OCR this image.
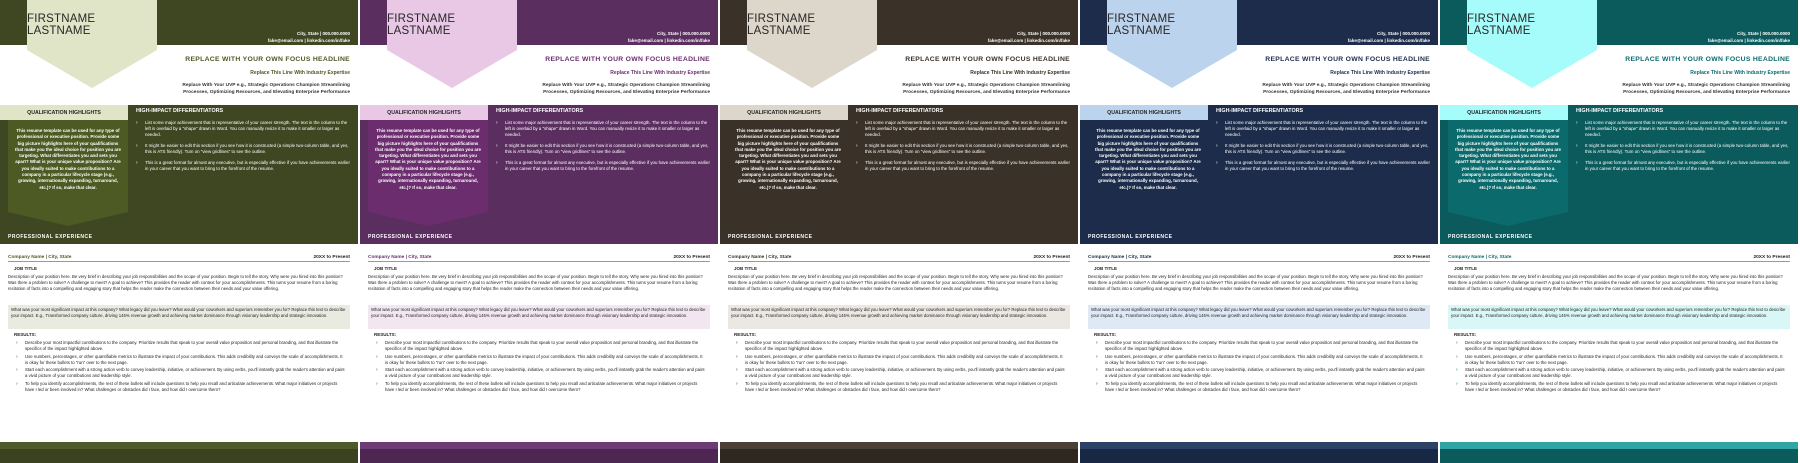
FIRSTNAME LASTNAME	City, State | 000.000.0000
fake@email.com | linkedin.com/in/fake
REPLACE WITH YOUR OWN FOCUS HEADLINE
Replace This Line With Industry Expertise
Replace With Your UVP e.g., Strategic Operations Champion Streamlining
Processes, Optimizing Resources, and Elevating Enterprise Performance
QUALIFICATION HIGHLIGHTS
This resume template can be used for any type of professional or executive position. Provide some big picture highlights here of your qualifications that make you the ideal choice for position you are targeting. What differentiates you and sets you apart? What is your unique value proposition? Are you ideally suited to make contributions to a company in a particular lifecycle stage (e.g., growing, internationally expanding, turnaround, etc.)? If so, make that clear.
HIGH-IMPACT DIFFERENTIATORS
› List some major achievement that is representative of your career strength. The text in the column to the left is overlaid by a "shape" drawn in Word. You can manually resize it to make it smaller or larger as needed.
› It might be easier to edit this section if you see how it is constructed (a simple two-column table, and yes, this is ATS friendly). Turn on "view gridlines" to see the outline.
› This is a great format for almost any executive, but is especially effective if you have achievements earlier in your career that you want to bring to the forefront of the resume.
PROFESSIONAL EXPERIENCE
Company Name | City, State	20XX to Present
JOB TITLE
Description of your position here. Be very brief in describing your job responsibilities and the scope of your position. Begin to tell the story. Why were you hired into this position? Was there a problem to solve? A challenge to meet? A goal to achieve? This provides the reader with context for your accomplishments. This turns your resume from a boring recitation of facts into a compelling and engaging story that helps the reader make the connection between their needs and your value offering.
What was your most significant impact at this company? What legacy did you leave? What would your coworkers and superiors remember you for? Replace this text to describe your impact. E.g., Transformed company culture, driving 145% revenue growth and achieving market dominance through visionary leadership and strategic innovation.
RESULTS:
› Describe your most impactful contributions to the company. Prioritize results that speak to your overall value proposition and personal branding, and that illustrate the specifics of the impact highlighted above.
› Use numbers, percentages, or other quantifiable metrics to illustrate the impact of your contributions. This adds credibility and conveys the scale of accomplishments. It is okay for these bullets to "run" over to the next page.
› Start each accomplishment with a strong action verb to convey leadership, initiative, or achievement. By using verbs, you'll instantly grab the reader's attention and paint a vivid picture of your contributions and leadership style.
› To help you identify accomplishments, the rest of these bullets will include questions to help you recall and articulate achievements. What major initiatives or projects have I led or been involved in? What challenges or obstacles did I face, and how did I overcome them?
FIRSTNAME LASTNAME	City, State | 000.000.0000
fake@email.com | linkedin.com/in/fake
REPLACE WITH YOUR OWN FOCUS HEADLINE
Replace This Line With Industry Expertise
Replace With Your UVP e.g., Strategic Operations Champion Streamlining
Processes, Optimizing Resources, and Elevating Enterprise Performance
QUALIFICATION HIGHLIGHTS
This resume template can be used for any type of professional or executive position. Provide some big picture highlights here of your qualifications that make you the ideal choice for position you are targeting. What differentiates you and sets you apart? What is your unique value proposition? Are you ideally suited to make contributions to a company in a particular lifecycle stage (e.g., growing, internationally expanding, turnaround, etc.)? If so, make that clear.
HIGH-IMPACT DIFFERENTIATORS
› List some major achievement that is representative of your career strength. The text in the column to the left is overlaid by a "shape" drawn in Word. You can manually resize it to make it smaller or larger as needed.
› It might be easier to edit this section if you see how it is constructed (a simple two-column table, and yes, this is ATS friendly). Turn on "view gridlines" to see the outline.
› This is a great format for almost any executive, but is especially effective if you have achievements earlier in your career that you want to bring to the forefront of the resume.
PROFESSIONAL EXPERIENCE
Company Name | City, State	20XX to Present
JOB TITLE
Description of your position here. Be very brief in describing your job responsibilities and the scope of your position. Begin to tell the story. Why were you hired into this position? Was there a problem to solve? A challenge to meet? A goal to achieve? This provides the reader with context for your accomplishments. This turns your resume from a boring recitation of facts into a compelling and engaging story that helps the reader make the connection between their needs and your value offering.
What was your most significant impact at this company? What legacy did you leave? What would your coworkers and superiors remember you for? Replace this text to describe your impact. E.g., Transformed company culture, driving 145% revenue growth and achieving market dominance through visionary leadership and strategic innovation.
RESULTS:
› Describe your most impactful contributions to the company. Prioritize results that speak to your overall value proposition and personal branding, and that illustrate the specifics of the impact highlighted above.
› Use numbers, percentages, or other quantifiable metrics to illustrate the impact of your contributions. This adds credibility and conveys the scale of accomplishments. It is okay for these bullets to "run" over to the next page.
› Start each accomplishment with a strong action verb to convey leadership, initiative, or achievement. By using verbs, you'll instantly grab the reader's attention and paint a vivid picture of your contributions and leadership style.
› To help you identify accomplishments, the rest of these bullets will include questions to help you recall and articulate achievements. What major initiatives or projects have I led or been involved in? What challenges or obstacles did I face, and how did I overcome them?
FIRSTNAME LASTNAME	City, State | 000.000.0000
fake@email.com | linkedin.com/in/fake
REPLACE WITH YOUR OWN FOCUS HEADLINE
Replace This Line With Industry Expertise
Replace With Your UVP e.g., Strategic Operations Champion Streamlining
Processes, Optimizing Resources, and Elevating Enterprise Performance
QUALIFICATION HIGHLIGHTS
This resume template can be used for any type of professional or executive position. Provide some big picture highlights here of your qualifications that make you the ideal choice for position you are targeting. What differentiates you and sets you apart? What is your unique value proposition? Are you ideally suited to make contributions to a company in a particular lifecycle stage (e.g., growing, internationally expanding, turnaround, etc.)? If so, make that clear.
HIGH-IMPACT DIFFERENTIATORS
› List some major achievement that is representative of your career strength. The text in the column to the left is overlaid by a "shape" drawn in Word. You can manually resize it to make it smaller or larger as needed.
› It might be easier to edit this section if you see how it is constructed (a simple two-column table, and yes, this is ATS friendly). Turn on "view gridlines" to see the outline.
› This is a great format for almost any executive, but is especially effective if you have achievements earlier in your career that you want to bring to the forefront of the resume.
PROFESSIONAL EXPERIENCE
Company Name | City, State	20XX to Present
JOB TITLE
Description of your position here. Be very brief in describing your job responsibilities and the scope of your position. Begin to tell the story. Why were you hired into this position? Was there a problem to solve? A challenge to meet? A goal to achieve? This provides the reader with context for your accomplishments. This turns your resume from a boring recitation of facts into a compelling and engaging story that helps the reader make the connection between their needs and your value offering.
What was your most significant impact at this company? What legacy did you leave? What would your coworkers and superiors remember you for? Replace this text to describe your impact. E.g., Transformed company culture, driving 145% revenue growth and achieving market dominance through visionary leadership and strategic innovation.
RESULTS:
› Describe your most impactful contributions to the company. Prioritize results that speak to your overall value proposition and personal branding, and that illustrate the specifics of the impact highlighted above.
› Use numbers, percentages, or other quantifiable metrics to illustrate the impact of your contributions. This adds credibility and conveys the scale of accomplishments. It is okay for these bullets to "run" over to the next page.
› Start each accomplishment with a strong action verb to convey leadership, initiative, or achievement. By using verbs, you'll instantly grab the reader's attention and paint a vivid picture of your contributions and leadership style.
› To help you identify accomplishments, the rest of these bullets will include questions to help you recall and articulate achievements. What major initiatives or projects have I led or been involved in? What challenges or obstacles did I face, and how did I overcome them?
FIRSTNAME LASTNAME	City, State | 000.000.0000
fake@email.com | linkedin.com/in/fake
REPLACE WITH YOUR OWN FOCUS HEADLINE
Replace This Line With Industry Expertise
Replace With Your UVP e.g., Strategic Operations Champion Streamlining
Processes, Optimizing Resources, and Elevating Enterprise Performance
QUALIFICATION HIGHLIGHTS
This resume template can be used for any type of professional or executive position. Provide some big picture highlights here of your qualifications that make you the ideal choice for position you are targeting. What differentiates you and sets you apart? What is your unique value proposition? Are you ideally suited to make contributions to a company in a particular lifecycle stage (e.g., growing, internationally expanding, turnaround, etc.)? If so, make that clear.
HIGH-IMPACT DIFFERENTIATORS
› List some major achievement that is representative of your career strength. The text in the column to the left is overlaid by a "shape" drawn in Word. You can manually resize it to make it smaller or larger as needed.
› It might be easier to edit this section if you see how it is constructed (a simple two-column table, and yes, this is ATS friendly). Turn on "view gridlines" to see the outline.
› This is a great format for almost any executive, but is especially effective if you have achievements earlier in your career that you want to bring to the forefront of the resume.
PROFESSIONAL EXPERIENCE
Company Name | City, State	20XX to Present
JOB TITLE
Description of your position here. Be very brief in describing your job responsibilities and the scope of your position. Begin to tell the story. Why were you hired into this position? Was there a problem to solve? A challenge to meet? A goal to achieve? This provides the reader with context for your accomplishments. This turns your resume from a boring recitation of facts into a compelling and engaging story that helps the reader make the connection between their needs and your value offering.
What was your most significant impact at this company? What legacy did you leave? What would your coworkers and superiors remember you for? Replace this text to describe your impact. E.g., Transformed company culture, driving 145% revenue growth and achieving market dominance through visionary leadership and strategic innovation.
RESULTS:
› Describe your most impactful contributions to the company. Prioritize results that speak to your overall value proposition and personal branding, and that illustrate the specifics of the impact highlighted above.
› Use numbers, percentages, or other quantifiable metrics to illustrate the impact of your contributions. This adds credibility and conveys the scale of accomplishments. It is okay for these bullets to "run" over to the next page.
› Start each accomplishment with a strong action verb to convey leadership, initiative, or achievement. By using verbs, you'll instantly grab the reader's attention and paint a vivid picture of your contributions and leadership style.
› To help you identify accomplishments, the rest of these bullets will include questions to help you recall and articulate achievements. What major initiatives or projects have I led or been involved in? What challenges or obstacles did I face, and how did I overcome them?
FIRSTNAME LASTNAME	City, State | 000.000.0000
fake@email.com | linkedin.com/in/fake
REPLACE WITH YOUR OWN FOCUS HEADLINE
Replace This Line With Industry Expertise
Replace With Your UVP e.g., Strategic Operations Champion Streamlining
Processes, Optimizing Resources, and Elevating Enterprise Performance
QUALIFICATION HIGHLIGHTS
This resume template can be used for any type of professional or executive position. Provide some big picture highlights here of your qualifications that make you the ideal choice for position you are targeting. What differentiates you and sets you apart? What is your unique value proposition? Are you ideally suited to make contributions to a company in a particular lifecycle stage (e.g., growing, internationally expanding, turnaround, etc.)? If so, make that clear.
HIGH-IMPACT DIFFERENTIATORS
› List some major achievement that is representative of your career strength. The text in the column to the left is overlaid by a "shape" drawn in Word. You can manually resize it to make it smaller or larger as needed.
› It might be easier to edit this section if you see how it is constructed (a simple two-column table, and yes, this is ATS friendly). Turn on "view gridlines" to see the outline.
› This is a great format for almost any executive, but is especially effective if you have achievements earlier in your career that you want to bring to the forefront of the resume.
PROFESSIONAL EXPERIENCE
Company Name | City, State	20XX to Present
JOB TITLE
Description of your position here. Be very brief in describing your job responsibilities and the scope of your position. Begin to tell the story. Why were you hired into this position? Was there a problem to solve? A challenge to meet? A goal to achieve? This provides the reader with context for your accomplishments. This turns your resume from a boring recitation of facts into a compelling and engaging story that helps the reader make the connection between their needs and your value offering.
What was your most significant impact at this company? What legacy did you leave? What would your coworkers and superiors remember you for? Replace this text to describe your impact. E.g., Transformed company culture, driving 145% revenue growth and achieving market dominance through visionary leadership and strategic innovation.
RESULTS:
› Describe your most impactful contributions to the company. Prioritize results that speak to your overall value proposition and personal branding, and that illustrate the specifics of the impact highlighted above.
› Use numbers, percentages, or other quantifiable metrics to illustrate the impact of your contributions. This adds credibility and conveys the scale of accomplishments. It is okay for these bullets to "run" over to the next page.
› Start each accomplishment with a strong action verb to convey leadership, initiative, or achievement. By using verbs, you'll instantly grab the reader's attention and paint a vivid picture of your contributions and leadership style.
› To help you identify accomplishments, the rest of these bullets will include questions to help you recall and articulate achievements. What major initiatives or projects have I led or been involved in? What challenges or obstacles did I face, and how did I overcome them?
